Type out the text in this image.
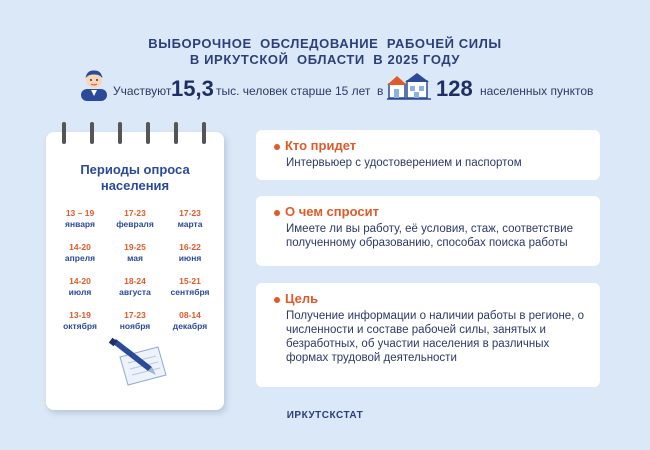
ВЫБОРОЧНОЕ  ОБСЛЕДОВАНИЕ  РАБОЧЕЙ СИЛЫ
В ИРКУТСКОЙ  ОБЛАСТИ  В 2025 ГОДУ
Участвуют 15,3 тыс. человек старше 15 лет в 128 населенных пунктов
Периоды опроса
населения
13 – 19
января
17-23
февраля
17-23
марта
14-20
апреля
19-25
мая
16-22
июня
14-20
июля
18-24
августа
15-21
сентября
13-19
октября
17-23
ноября
08-14
декабря
Кто придет
Интервьюер с удостоверением и паспортом
О чем спросит
Имеете ли вы работу, её условия, стаж, соответствие полученному образованию, способах поиска работы
Цель
Получение информации о наличии работы в регионе, о численности и составе рабочей силы, занятых и безработных, об участии населения в различных формах трудовой деятельности
ИРКУТСКСТАТ
